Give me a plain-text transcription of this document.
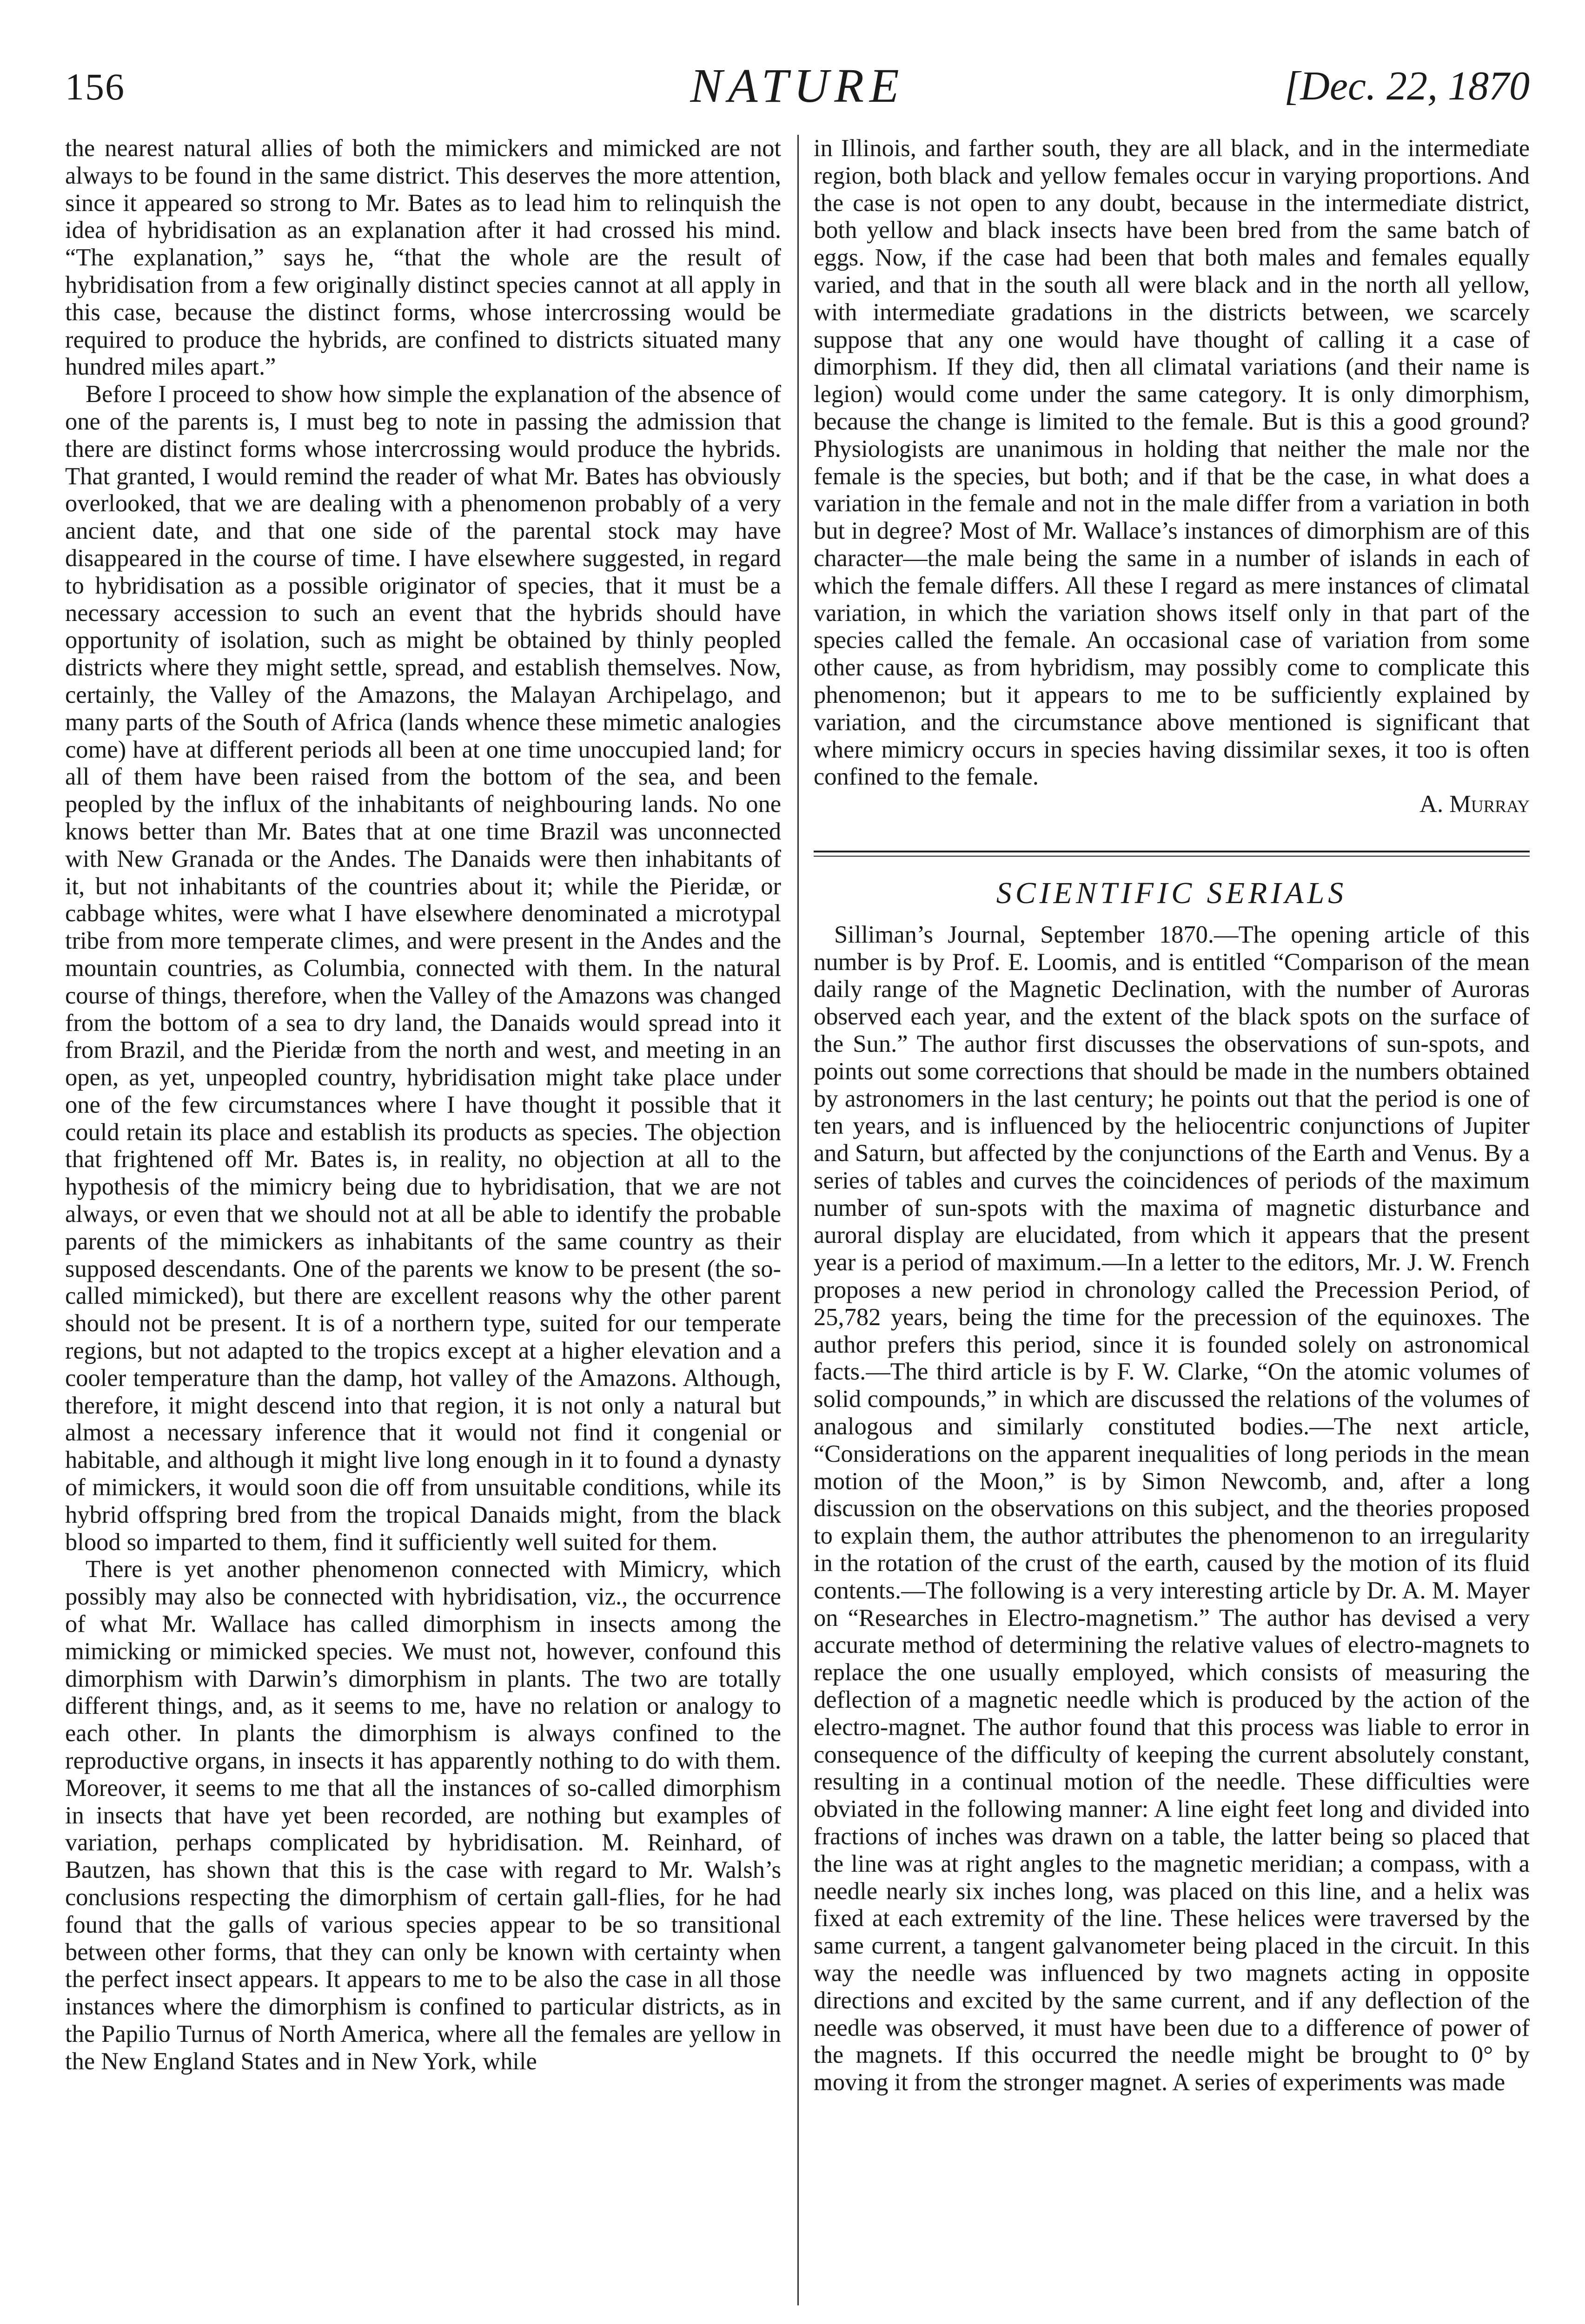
156	NATURE	[Dec. 22, 1870

the nearest natural allies of both the mimickers and mimicked are not always to be found in the same district. This deserves the more attention, since it appeared so strong to Mr. Bates as to lead him to relinquish the idea of hybridisation as an explanation after it had crossed his mind. “The explanation,” says he, “that the whole are the result of hybridisation from a few originally distinct species cannot at all apply in this case, because the distinct forms, whose intercrossing would be required to produce the hybrids, are confined to districts situated many hundred miles apart.”

Before I proceed to show how simple the explanation of the absence of one of the parents is, I must beg to note in passing the admission that there are distinct forms whose intercrossing would produce the hybrids. That granted, I would remind the reader of what Mr. Bates has obviously overlooked, that we are dealing with a phenomenon probably of a very ancient date, and that one side of the parental stock may have disappeared in the course of time. I have elsewhere suggested, in regard to hybridisation as a possible originator of species, that it must be a necessary accession to such an event that the hybrids should have opportunity of isolation, such as might be obtained by thinly peopled districts where they might settle, spread, and establish themselves. Now, certainly, the Valley of the Amazons, the Malayan Archipelago, and many parts of the South of Africa (lands whence these mimetic analogies come) have at different periods all been at one time unoccupied land; for all of them have been raised from the bottom of the sea, and been peopled by the influx of the inhabitants of neighbouring lands. No one knows better than Mr. Bates that at one time Brazil was unconnected with New Granada or the Andes. The Danaids were then inhabitants of it, but not inhabitants of the countries about it; while the Pieridæ, or cabbage whites, were what I have elsewhere denominated a microtypal tribe from more temperate climes, and were present in the Andes and the mountain countries, as Columbia, connected with them. In the natural course of things, therefore, when the Valley of the Amazons was changed from the bottom of a sea to dry land, the Danaids would spread into it from Brazil, and the Pieridæ from the north and west, and meeting in an open, as yet, unpeopled country, hybridisation might take place under one of the few circumstances where I have thought it possible that it could retain its place and establish its products as species. The objection that frightened off Mr. Bates is, in reality, no objection at all to the hypothesis of the mimicry being due to hybridisation, that we are not always, or even that we should not at all be able to identify the probable parents of the mimickers as inhabitants of the same country as their supposed descendants. One of the parents we know to be present (the so-called mimicked), but there are excellent reasons why the other parent should not be present. It is of a northern type, suited for our temperate regions, but not adapted to the tropics except at a higher elevation and a cooler temperature than the damp, hot valley of the Amazons. Although, therefore, it might descend into that region, it is not only a natural but almost a necessary inference that it would not find it congenial or habitable, and although it might live long enough in it to found a dynasty of mimickers, it would soon die off from unsuitable conditions, while its hybrid offspring bred from the tropical Danaids might, from the black blood so imparted to them, find it sufficiently well suited for them.

There is yet another phenomenon connected with Mimicry, which possibly may also be connected with hybridisation, viz., the occurrence of what Mr. Wallace has called dimorphism in insects among the mimicking or mimicked species. We must not, however, confound this dimorphism with Darwin’s dimorphism in plants. The two are totally different things, and, as it seems to me, have no relation or analogy to each other. In plants the dimorphism is always confined to the reproductive organs, in insects it has apparently nothing to do with them. Moreover, it seems to me that all the instances of so-called dimorphism in insects that have yet been recorded, are nothing but examples of variation, perhaps complicated by hybridisation. M. Reinhard, of Bautzen, has shown that this is the case with regard to Mr. Walsh’s conclusions respecting the dimorphism of certain gall-flies, for he had found that the galls of various species appear to be so transitional between other forms, that they can only be known with certainty when the perfect insect appears. It appears to me to be also the case in all those instances where the dimorphism is confined to particular districts, as in the Papilio Turnus of North America, where all the females are yellow in the New England States and in New York, while

in Illinois, and farther south, they are all black, and in the intermediate region, both black and yellow females occur in varying proportions. And the case is not open to any doubt, because in the intermediate district, both yellow and black insects have been bred from the same batch of eggs. Now, if the case had been that both males and females equally varied, and that in the south all were black and in the north all yellow, with intermediate gradations in the districts between, we scarcely suppose that any one would have thought of calling it a case of dimorphism. If they did, then all climatal variations (and their name is legion) would come under the same category. It is only dimorphism, because the change is limited to the female. But is this a good ground? Physiologists are unanimous in holding that neither the male nor the female is the species, but both; and if that be the case, in what does a variation in the female and not in the male differ from a variation in both but in degree? Most of Mr. Wallace’s instances of dimorphism are of this character—the male being the same in a number of islands in each of which the female differs. All these I regard as mere instances of climatal variation, in which the variation shows itself only in that part of the species called the female. An occasional case of variation from some other cause, as from hybridism, may possibly come to complicate this phenomenon; but it appears to me to be sufficiently explained by variation, and the circumstance above mentioned is significant that where mimicry occurs in species having dissimilar sexes, it too is often confined to the female.

A. Murray
SCIENTIFIC SERIALS

Silliman’s Journal, September 1870.—The opening article of this number is by Prof. E. Loomis, and is entitled “Comparison of the mean daily range of the Magnetic Declination, with the number of Auroras observed each year, and the extent of the black spots on the surface of the Sun.” The author first discusses the observations of sun-spots, and points out some corrections that should be made in the numbers obtained by astronomers in the last century; he points out that the period is one of ten years, and is influenced by the heliocentric conjunctions of Jupiter and Saturn, but affected by the conjunctions of the Earth and Venus. By a series of tables and curves the coincidences of periods of the maximum number of sun-spots with the maxima of magnetic disturbance and auroral display are elucidated, from which it appears that the present year is a period of maximum.—In a letter to the editors, Mr. J. W. French proposes a new period in chronology called the Precession Period, of 25,782 years, being the time for the precession of the equinoxes. The author prefers this period, since it is founded solely on astronomical facts.—The third article is by F. W. Clarke, “On the atomic volumes of solid compounds,” in which are discussed the relations of the volumes of analogous and similarly constituted bodies.—The next article, “Considerations on the apparent inequalities of long periods in the mean motion of the Moon,” is by Simon Newcomb, and, after a long discussion on the observations on this subject, and the theories proposed to explain them, the author attributes the phenomenon to an irregularity in the rotation of the crust of the earth, caused by the motion of its fluid contents.—The following is a very interesting article by Dr. A. M. Mayer on “Researches in Electro-magnetism.” The author has devised a very accurate method of determining the relative values of electro-magnets to replace the one usually employed, which consists of measuring the deflection of a magnetic needle which is produced by the action of the electro-magnet. The author found that this process was liable to error in consequence of the difficulty of keeping the current absolutely constant, resulting in a continual motion of the needle. These difficulties were obviated in the following manner: A line eight feet long and divided into fractions of inches was drawn on a table, the latter being so placed that the line was at right angles to the magnetic meridian; a compass, with a needle nearly six inches long, was placed on this line, and a helix was fixed at each extremity of the line. These helices were traversed by the same current, a tangent galvanometer being placed in the circuit. In this way the needle was influenced by two magnets acting in opposite directions and excited by the same current, and if any deflection of the needle was observed, it must have been due to a difference of power of the magnets. If this occurred the needle might be brought to 0° by moving it from the stronger magnet. A series of experiments was made
